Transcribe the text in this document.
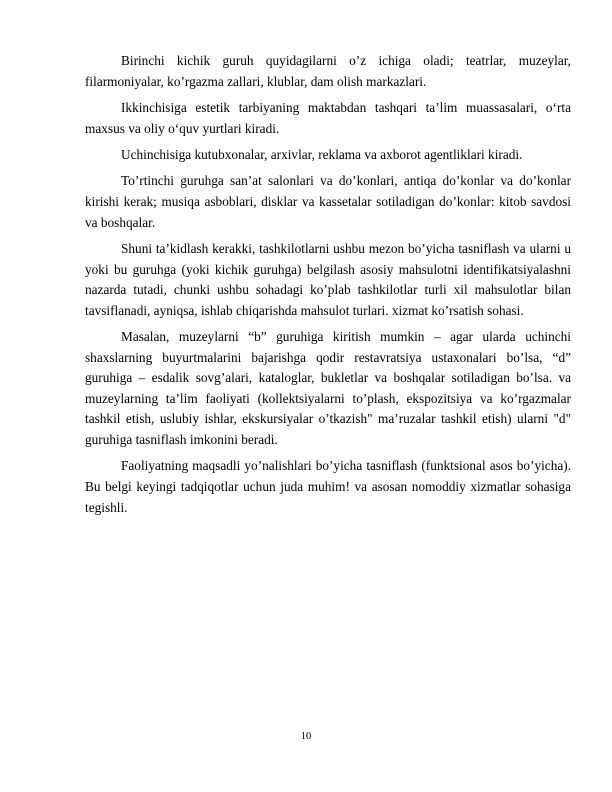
Birinchi kichik guruh quyidagilarni o’z ichiga oladi; teatrlar, muzeylar, filarmoniyalar, ko’rgazma zallari, klublar, dam olish markazlari.

Ikkinchisiga estetik tarbiyaning maktabdan tashqari ta’lim muassasalari, o‘rta maxsus va oliy o‘quv yurtlari kiradi.

Uchinchisiga kutubxonalar, arxivlar, reklama va axborot agentliklari kiradi.

To’rtinchi guruhga san’at salonlari va do’konlari, antiqa do’konlar va do’konlar kirishi kerak; musiqa asboblari, disklar va kassetalar sotiladigan do’konlar: kitob savdosi va boshqalar.

Shuni ta’kidlash kerakki, tashkilotlarni ushbu mezon bo’yicha tasniflash va ularni u yoki bu guruhga (yoki kichik guruhga) belgilash asosiy mahsulotni identifikatsiyalashni nazarda tutadi, chunki ushbu sohadagi ko’plab tashkilotlar turli xil mahsulotlar bilan tavsiflanadi, ayniqsa, ishlab chiqarishda mahsulot turlari. xizmat ko’rsatish sohasi.

Masalan, muzeylarni “b” guruhiga kiritish mumkin – agar ularda uchinchi shaxslarning buyurtmalarini bajarishga qodir restavratsiya ustaxonalari bo’lsa, “d” guruhiga – esdalik sovg’alari, kataloglar, bukletlar va boshqalar sotiladigan bo’lsa. va muzeylarning ta’lim faoliyati (kollektsiyalarni to’plash, ekspozitsiya va ko’rgazmalar tashkil etish, uslubiy ishlar, ekskursiyalar o’tkazish" ma’ruzalar tashkil etish) ularni "d" guruhiga tasniflash imkonini beradi.

Faoliyatning maqsadli yo’nalishlari bo’yicha tasniflash (funktsional asos bo’yicha). Bu belgi keyingi tadqiqotlar uchun juda muhim! va asosan nomoddiy xizmatlar sohasiga tegishli.

10
